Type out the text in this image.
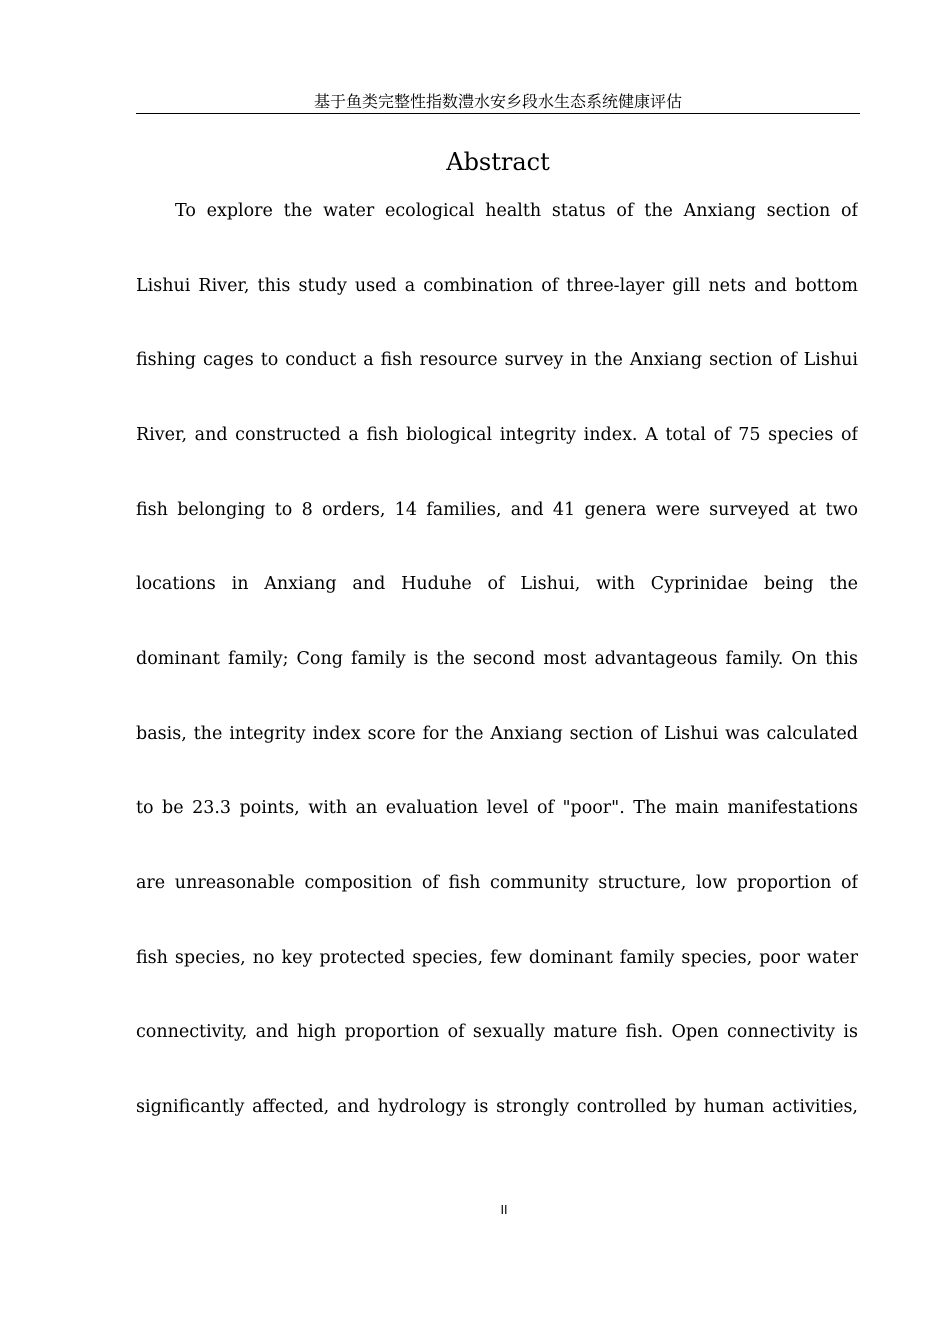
基于鱼类完整性指数澧水安乡段水生态系统健康评估
Abstract
To explore the water ecological health status of the Anxiang section of
Lishui River, this study used a combination of three-layer gill nets and bottom
fishing cages to conduct a fish resource survey in the Anxiang section of Lishui
River, and constructed a fish biological integrity index. A total of 75 species of
fish belonging to 8 orders, 14 families, and 41 genera were surveyed at two
locations in Anxiang and Huduhe of Lishui, with Cyprinidae being the
dominant family; Cong family is the second most advantageous family. On this
basis, the integrity index score for the Anxiang section of Lishui was calculated
to be 23.3 points, with an evaluation level of "poor". The main manifestations
are unreasonable composition of fish community structure, low proportion of
fish species, no key protected species, few dominant family species, poor water
connectivity, and high proportion of sexually mature fish. Open connectivity is
significantly affected, and hydrology is strongly controlled by human activities,
II
